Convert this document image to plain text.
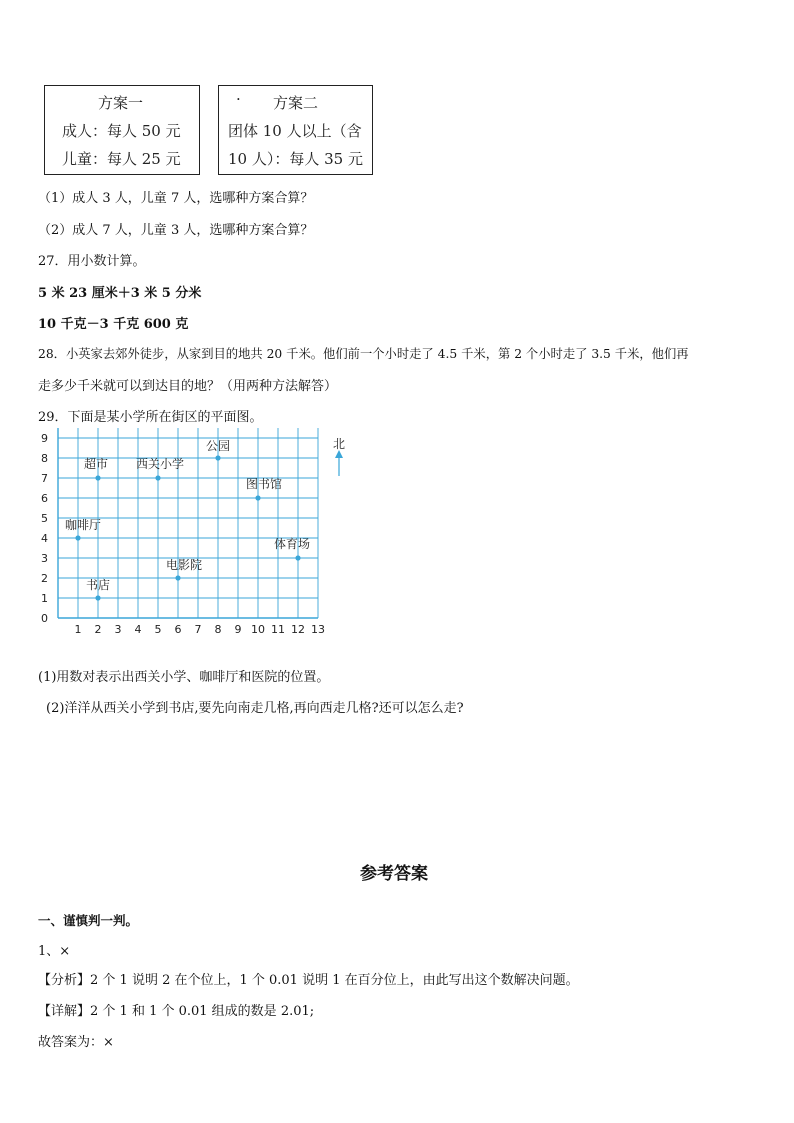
方案一
成人：每人 50 元
儿童：每人 25 元
· 方案二
团体 10 人以上（含
10 人）：每人 35 元
（1）成人 3 人，儿童 7 人，选哪种方案合算？
（2）成人 7 人，儿童 3 人，选哪种方案合算？
27．用小数计算。
5 米 23 厘米＋3 米 5 分米
10 千克－3 千克 600 克
28．小英家去郊外徒步，从家到目的地共 20 千米。他们前一个小时走了 4.5 千米，第 2 个小时走了 3.5 千米，他们再
走多少千米就可以到达目的地？（用两种方法解答）
29．下面是某小学所在街区的平面图。
1 2 3 4 5 6 7 8 9 10 11 12 13
0
1
2
3
4
5
6
7
8
9
公园
超市 西关小学
图书馆
咖啡厅
体育场
电影院
书店
北
(1)用数对表示出西关小学、咖啡厅和医院的位置。
(2)洋洋从西关小学到书店,要先向南走几格,再向西走几格?还可以怎么走?
参考答案
一、谨慎判一判。
1、×
【分析】2 个 1 说明 2 在个位上，1 个 0.01 说明 1 在百分位上，由此写出这个数解决问题。
【详解】2 个 1 和 1 个 0.01 组成的数是 2.01;
故答案为：×
